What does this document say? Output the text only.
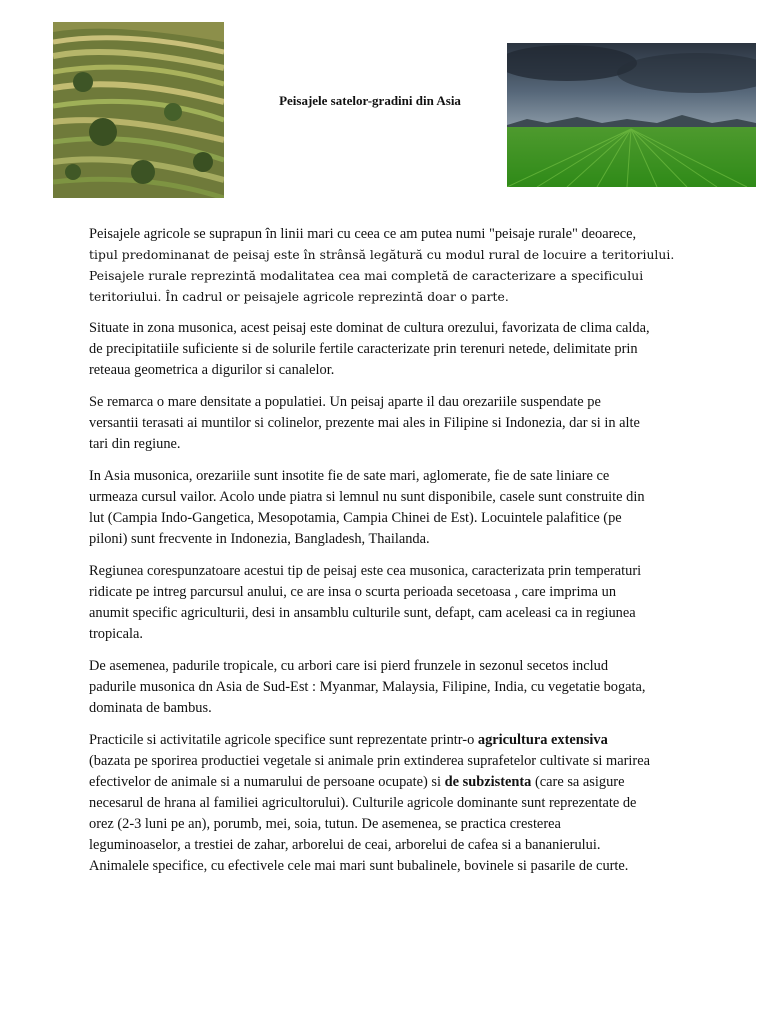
Peisajele satelor-gradini din Asia
Peisajele agricole se suprapun în linii mari cu ceea ce am putea numi "peisaje rurale" deoarece,
tipul predominanat de peisaj este în strânsă legătură cu modul rural de locuire a teritoriului.
Peisajele rurale reprezintă modalitatea cea mai completă de caracterizare a specificului
teritoriului. În cadrul or peisajele agricole reprezintă doar o parte.
Situate in zona musonica, acest peisaj este dominat de cultura orezului, favorizata de clima calda,
de precipitatiile suficiente si de solurile fertile caracterizate prin terenuri netede, delimitate prin
reteaua geometrica a digurilor si canalelor.
Se remarca o mare densitate a populatiei. Un peisaj aparte il dau orezariile suspendate pe
versantii terasati ai muntilor si colinelor, prezente mai ales in Filipine si Indonezia, dar si in alte
tari din regiune.
In Asia musonica, orezariile sunt insotite fie de sate mari, aglomerate, fie de sate liniare ce
urmeaza cursul vailor. Acolo unde piatra si lemnul nu sunt disponibile, casele sunt construite din
lut (Campia Indo-Gangetica, Mesopotamia, Campia Chinei de Est). Locuintele palafitice (pe
piloni) sunt frecvente in Indonezia, Bangladesh, Thailanda.
Regiunea corespunzatoare acestui tip de peisaj este cea musonica, caracterizata prin temperaturi
ridicate pe intreg parcursul anului, ce are insa o scurta perioada secetoasa , care imprima un
anumit specific agriculturii, desi in ansamblu culturile sunt, defapt, cam aceleasi ca in regiunea
tropicala.
De asemenea, padurile tropicale, cu arbori care isi pierd frunzele in sezonul secetos includ
padurile musonica dn Asia de Sud-Est : Myanmar, Malaysia, Filipine, India, cu vegetatie bogata,
dominata de bambus.
Practicile si activitatile agricole specifice sunt reprezentate printr-o agricultura extensiva
(bazata pe sporirea productiei vegetale si animale prin extinderea suprafetelor cultivate si marirea
efectivelor de animale si a numarului de persoane ocupate) si de subzistenta (care sa asigure
necesarul de hrana al familiei agricultorului). Culturile agricole dominante sunt reprezentate de
orez (2-3 luni pe an), porumb, mei, soia, tutun. De asemenea, se practica cresterea
leguminoaselor, a trestiei de zahar, arborelui de ceai, arborelui de cafea si a bananierului.
Animalele specifice, cu efectivele cele mai mari sunt bubalinele, bovinele si pasarile de curte.
